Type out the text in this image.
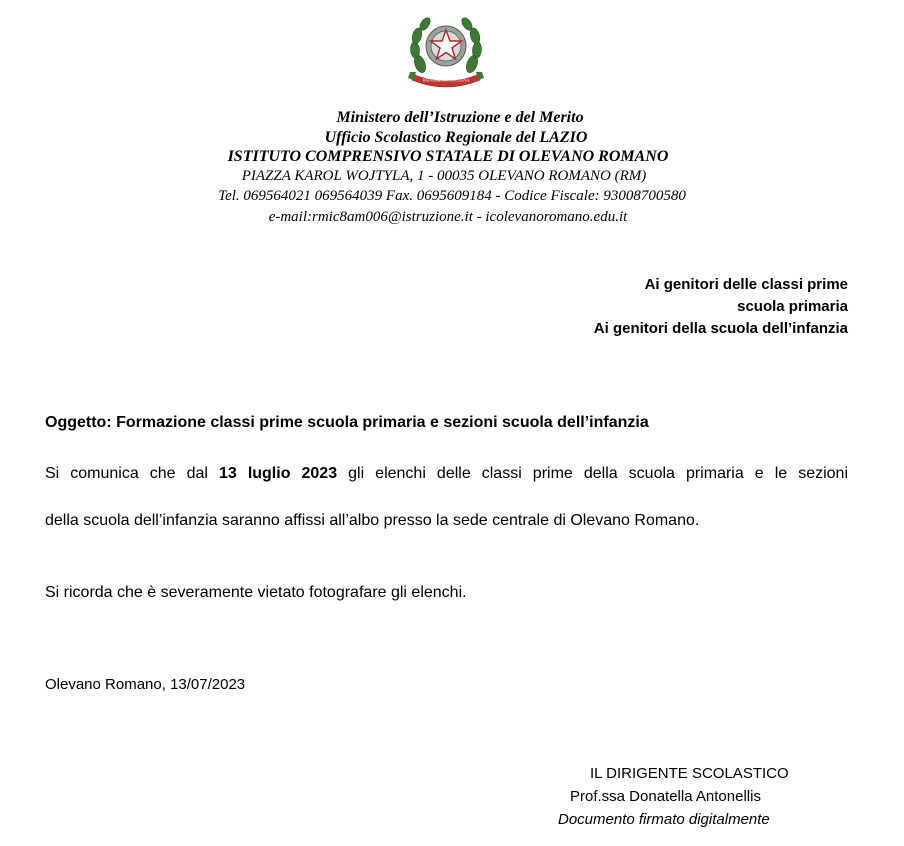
REPUBBLICA ITALIANA
Ministero dell’Istruzione e del Merito
Ufficio Scolastico Regionale del LAZIO
ISTITUTO COMPRENSIVO STATALE DI OLEVANO ROMANO
PIAZZA KAROL WOJTYLA, 1 - 00035 OLEVANO ROMANO (RM)
Tel. 069564021 069564039 Fax. 0695609184 - Codice Fiscale: 93008700580
e-mail:rmic8am006@istruzione.it - icolevanoromano.edu.it
Ai genitori delle classi prime
scuola primaria
Ai genitori della scuola dell’infanzia
Oggetto: Formazione classi prime scuola primaria e sezioni scuola dell’infanzia
Si comunica che dal 13 luglio 2023 gli elenchi delle classi prime della scuola primaria e le sezioni
della scuola dell’infanzia saranno affissi all’albo presso la sede centrale di Olevano Romano.
Si ricorda che è severamente vietato fotografare gli elenchi.
Olevano Romano, 13/07/2023
IL DIRIGENTE SCOLASTICO
Prof.ssa Donatella Antonellis
Documento firmato digitalmente
